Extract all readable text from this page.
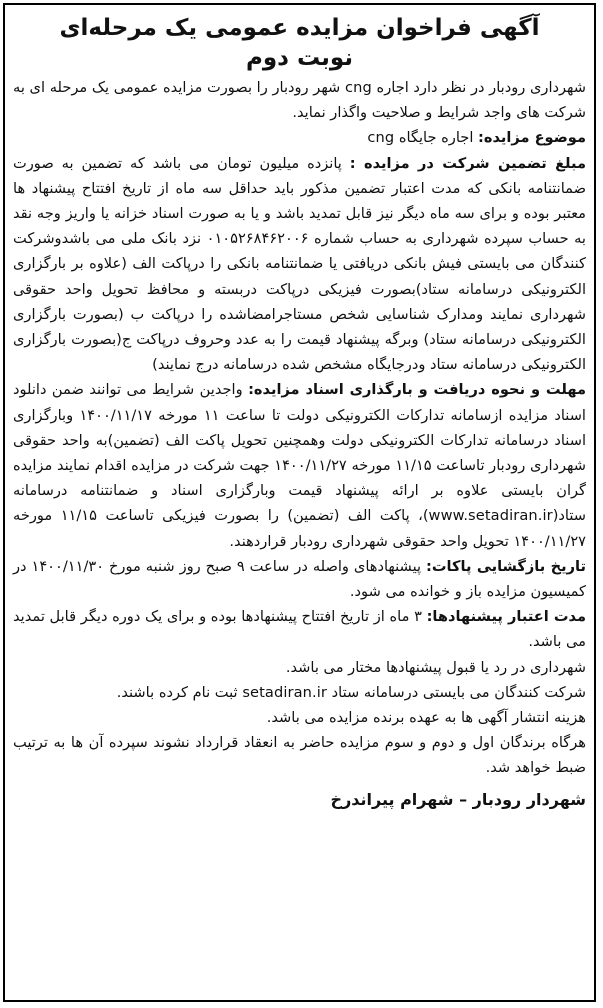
آگهی فراخوان مزایده عمومی یک مرحله‌ای
نوبت دوم

شهرداری رودبار در نظر دارد اجاره cng شهر رودبار را بصورت مزایده عمومی یک مرحله ای به شرکت های واجد شرایط و صلاحیت واگذار نماید.

موضوع مزایده: اجاره جایگاه cng

مبلغ تضمین شرکت در مزایده : پانزده میلیون تومان می باشد که تضمین به صورت ضمانتنامه بانکی که مدت اعتبار تضمین مذکور باید حداقل سه ماه از تاریخ افتتاح پیشنهاد ها معتبر بوده و برای سه ماه دیگر نیز قابل تمدید باشد و یا به صورت اسناد خزانه یا واریز وجه نقد به حساب سپرده شهرداری به حساب شماره ۰۱۰۵۲۶۸۴۶۲۰۰۶ نزد بانک ملی می باشدوشرکت کنندگان می بایستی فیش بانکی دریافتی یا ضمانتنامه بانکی را درپاکت الف (علاوه بر بارگزاری الکترونیکی درسامانه ستاد)بصورت فیزیکی درپاکت دربسته و محافظ تحویل واحد حقوقی شهرداری نمایند ومدارک شناسایی شخص مستاجرامضاشده را درپاکت ب (بصورت بارگزاری الکترونیکی درسامانه ستاد) وبرگه پیشنهاد قیمت را به عدد وحروف درپاکت ج(بصورت بارگزاری الکترونیکی درسامانه ستاد ودرجایگاه مشخص شده درسامانه درج نمایند)

مهلت و نحوه دریافت و بارگذاری اسناد مزایده: واجدین شرایط می توانند ضمن دانلود اسناد مزایده ازسامانه تدارکات الکترونیکی دولت تا ساعت ۱۱ مورخه ۱۴۰۰/۱۱/۱۷ وبارگزاری اسناد درسامانه تدارکات الکترونیکی دولت وهمچنین تحویل پاکت الف (تضمین)به واحد حقوقی شهرداری رودبار تاساعت ۱۱/۱۵ مورخه ۱۴۰۰/۱۱/۲۷ جهت شرکت در مزایده اقدام نمایند مزایده گران بایستی علاوه بر ارائه پیشنهاد قیمت وبارگزاری اسناد و ضمانتنامه درسامانه ستاد(www.setadiran.ir)، پاکت الف (تضمین) را بصورت فیزیکی تاساعت ۱۱/۱۵ مورخه ۱۴۰۰/۱۱/۲۷ تحویل واحد حقوقی شهرداری رودبار قراردهند.

تاریخ بازگشایی پاکات: پیشنهادهای واصله در ساعت ۹ صبح روز شنبه مورخ ۱۴۰۰/۱۱/۳۰ در کمیسیون مزایده باز و خوانده می شود.

مدت اعتبار پیشنهادها: ۳ ماه از تاریخ افتتاح پیشنهادها بوده و برای یک دوره دیگر قابل تمدید می باشد.

شهرداری در رد یا قبول پیشنهادها مختار می باشد.

شرکت کنندگان می بایستی درسامانه ستاد setadiran.ir ثبت نام کرده باشند.

هزینه انتشار آگهی ها به عهده برنده مزایده می باشد.

هرگاه برندگان اول و دوم و سوم مزایده حاضر به انعقاد قرارداد نشوند سپرده آن ها به ترتیب ضبط خواهد شد.

شهردار رودبار – شهرام پیراندرخ
